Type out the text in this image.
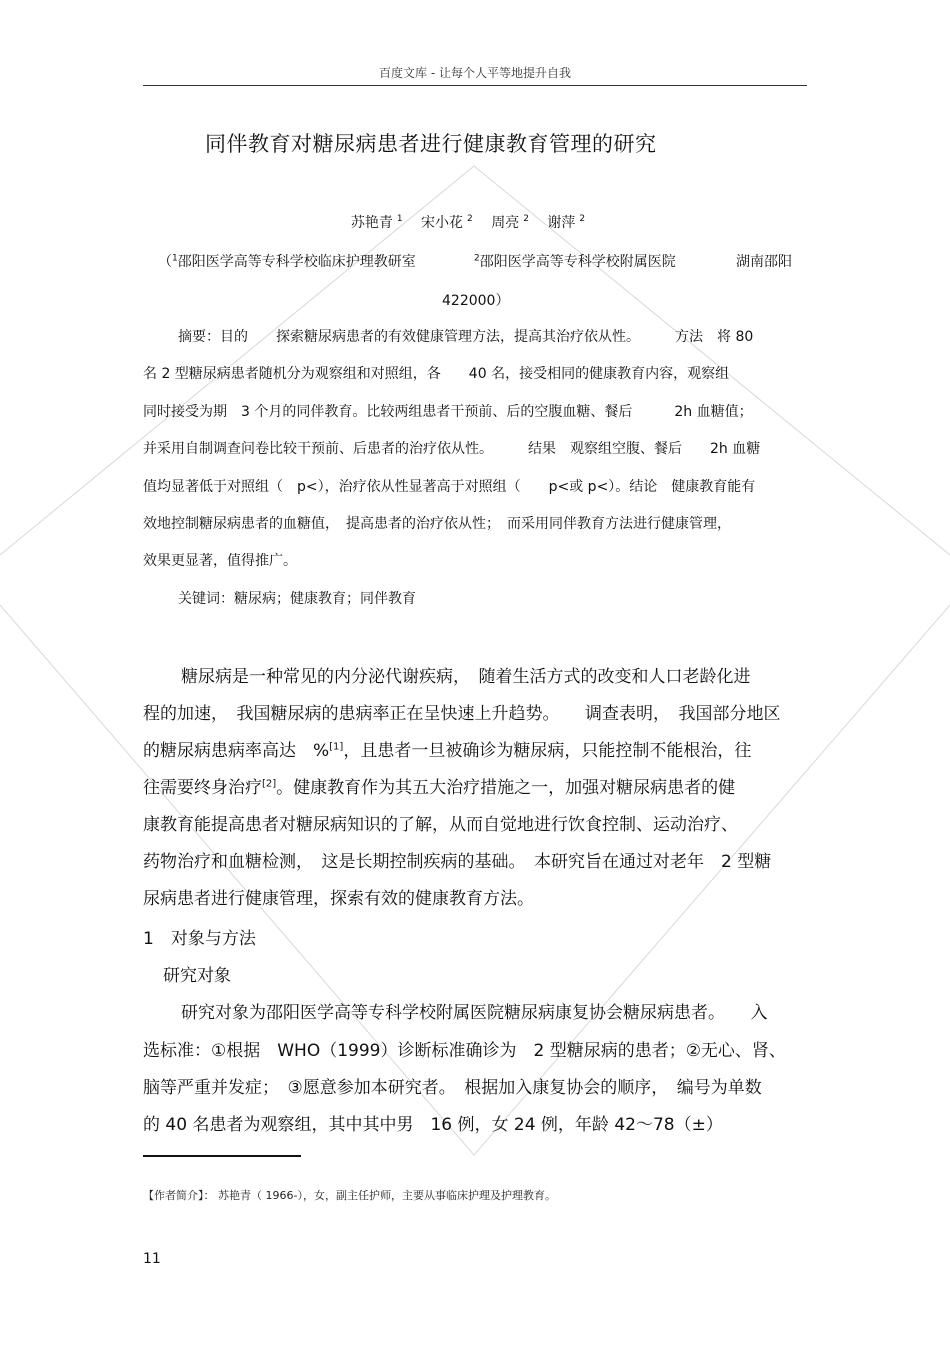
百度文库 - 让每个人平等地提升自我
同伴教育对糖尿病患者进行健康教育管理的研究
苏艳青 $^1$ 宋小花 $^2$ 周亮 $^2$ 谢萍 $^2$
（$^1$邵阳医学高等专科学校临床护理教研室	$^2$邵阳医学高等专科学校附属医院	湖南邵阳
422000）
摘要：目的　　探索糖尿病患者的有效健康管理方法，提高其治疗依从性。　　　方法　将 80
名 2 型糖尿病患者随机分为观察组和对照组，各　　40 名，接受相同的健康教育内容，观察组
同时接受为期　3 个月的同伴教育。比较两组患者干预前、后的空腹血糖、餐后　　　2h 血糖值；
并采用自制调查问卷比较干预前、后患者的治疗依从性。　　　结果　观察组空腹、餐后　　2h 血糖
值均显著低于对照组（　p<），治疗依从性显著高于对照组（　　p<或 p<）。结论　健康教育能有
效地控制糖尿病患者的血糖值，　提高患者的治疗依从性；　而采用同伴教育方法进行健康管理，
效果更显著，值得推广。
关键词：糖尿病；健康教育；同伴教育
糖尿病是一种常见的内分泌代谢疾病，　随着生活方式的改变和人口老龄化进
程的加速，　我国糖尿病的患病率正在呈快速上升趋势。　　调查表明，　我国部分地区
的糖尿病患病率高达　%[1]，且患者一旦被确诊为糖尿病，只能控制不能根治，往
往需要终身治疗[2]。健康教育作为其五大治疗措施之一，加强对糖尿病患者的健
康教育能提高患者对糖尿病知识的了解，从而自觉地进行饮食控制、运动治疗、
药物治疗和血糖检测，　这是长期控制疾病的基础。　本研究旨在通过对老年　2 型糖
尿病患者进行健康管理，探索有效的健康教育方法。
1　对象与方法
研究对象
研究对象为邵阳医学高等专科学校附属医院糖尿病康复协会糖尿病患者。　　入
选标准：①根据　WHO（1999）诊断标准确诊为　2 型糖尿病的患者；②无心、肾、
脑等严重并发症；　③愿意参加本研究者。　根据加入康复协会的顺序，　编号为单数
的 40 名患者为观察组，其中其中男　16 例，女 24 例，年龄 42～78（±）
【作者简介】： 苏艳青（ 1966-），女，副主任护师，主要从事临床护理及护理教育。
11
